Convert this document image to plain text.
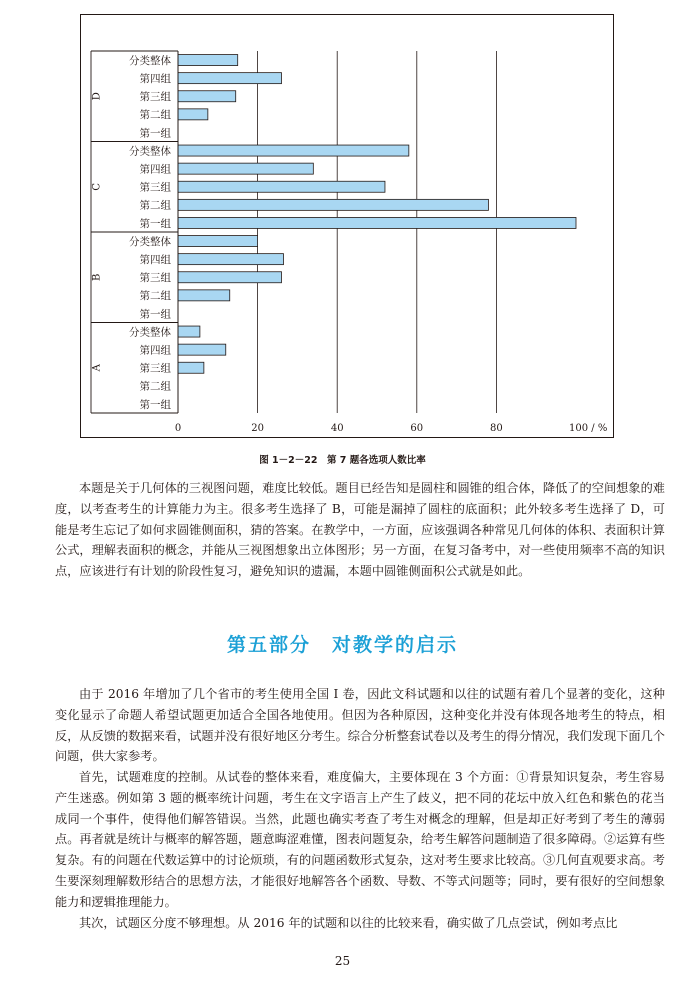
D
分类整体
第四组
第三组
第二组
第一组
C
分类整体
第四组
第三组
第二组
第一组
B
分类整体
第四组
第三组
第二组
第一组
A
分类整体
第四组
第三组
第二组
第一组
0	20	40	60	80	100 / %
图 1－2－22　第 7 题各选项人数比率

本题是关于几何体的三视图问题，难度比较低。题目已经告知是圆柱和圆锥的组合体，降低了的空间想象的难度，以考查考生的计算能力为主。很多考生选择了 B，可能是漏掉了圆柱的底面积；此外较多考生选择了 D，可能是考生忘记了如何求圆锥侧面积，猜的答案。在教学中，一方面，应该强调各种常见几何体的体积、表面积计算公式，理解表面积的概念，并能从三视图想象出立体图形；另一方面，在复习备考中，对一些使用频率不高的知识点，应该进行有计划的阶段性复习，避免知识的遗漏，本题中圆锥侧面积公式就是如此。

第五部分　对教学的启示

由于 2016 年增加了几个省市的考生使用全国 I 卷，因此文科试题和以往的试题有着几个显著的变化，这种变化显示了命题人希望试题更加适合全国各地使用。但因为各种原因，这种变化并没有体现各地考生的特点，相反，从反馈的数据来看，试题并没有很好地区分考生。综合分析整套试卷以及考生的得分情况，我们发现下面几个问题，供大家参考。

首先，试题难度的控制。从试卷的整体来看，难度偏大，主要体现在 3 个方面：①背景知识复杂，考生容易产生迷惑。例如第 3 题的概率统计问题，考生在文字语言上产生了歧义，把不同的花坛中放入红色和紫色的花当成同一个事件，使得他们解答错误。当然，此题也确实考查了考生对概念的理解，但是却正好考到了考生的薄弱点。再者就是统计与概率的解答题，题意晦涩难懂，图表问题复杂，给考生解答问题制造了很多障碍。②运算有些复杂。有的问题在代数运算中的讨论烦琐，有的问题函数形式复杂，这对考生要求比较高。③几何直观要求高。考生要深刻理解数形结合的思想方法，才能很好地解答各个函数、导数、不等式问题等；同时，要有很好的空间想象能力和逻辑推理能力。

其次，试题区分度不够理想。从 2016 年的试题和以往的比较来看，确实做了几点尝试，例如考点比

25
